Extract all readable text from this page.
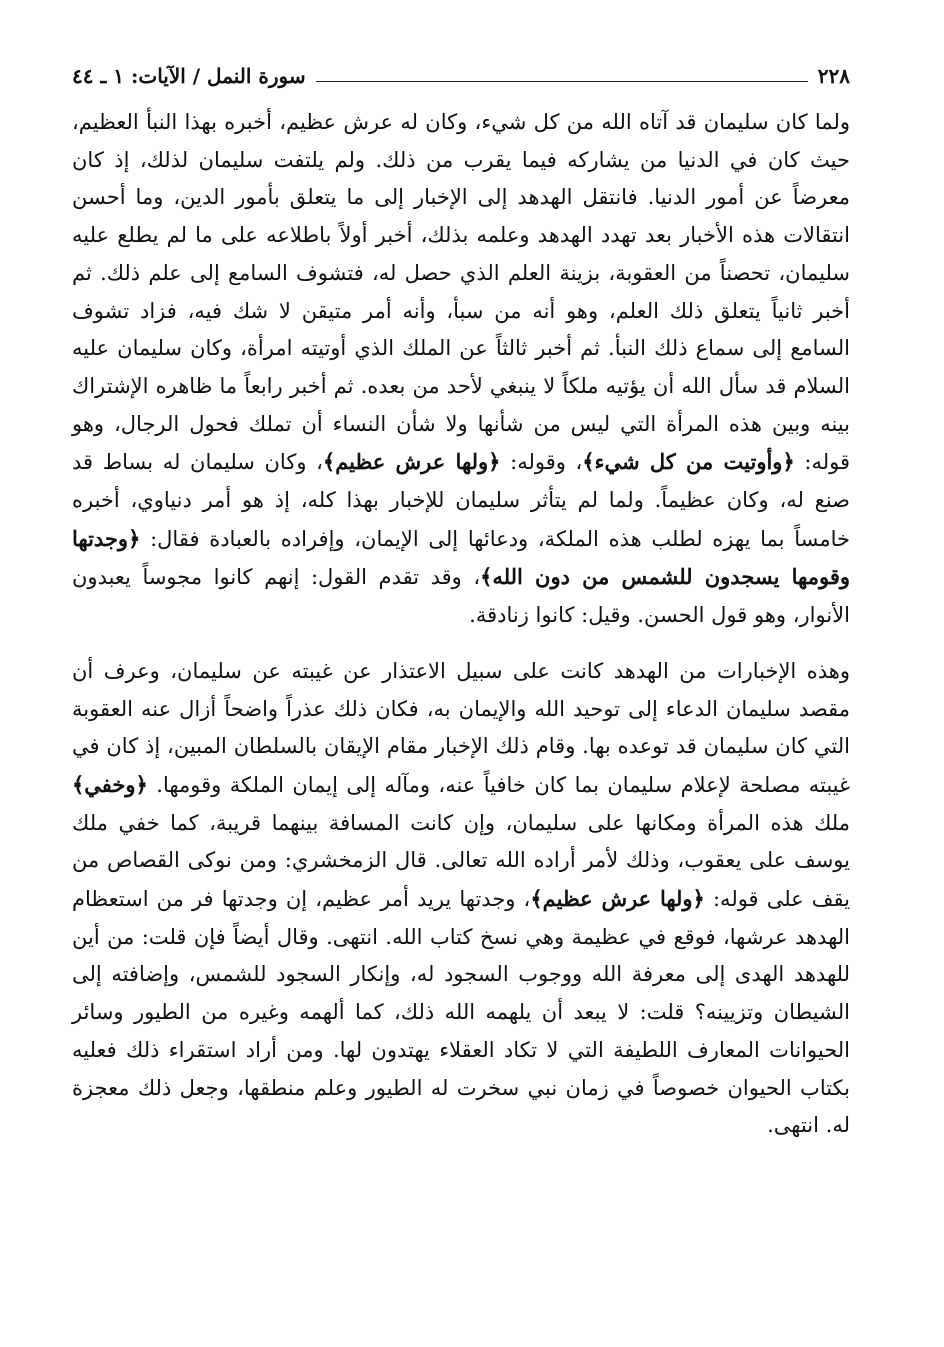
٢٢٨
سورة النمل / الآيات: ١ ـ ٤٤

ولما كان سليمان قد آتاه الله من كل شيء، وكان له عرش عظيم، أخبره بهذا النبأ العظيم، حيث كان في الدنيا من يشاركه فيما يقرب من ذلك. ولم يلتفت سليمان لذلك، إذ كان معرضاً عن أمور الدنيا. فانتقل الهدهد إلى الإخبار إلى ما يتعلق بأمور الدين، وما أحسن انتقالات هذه الأخبار بعد تهدد الهدهد وعلمه بذلك، أخبر أولاً باطلاعه على ما لم يطلع عليه سليمان، تحصناً من العقوبة، بزينة العلم الذي حصل له، فتشوف السامع إلى علم ذلك. ثم أخبر ثانياً يتعلق ذلك العلم، وهو أنه من سبأ، وأنه أمر متيقن لا شك فيه، فزاد تشوف السامع إلى سماع ذلك النبأ. ثم أخبر ثالثاً عن الملك الذي أوتيته امرأة، وكان سليمان عليه السلام قد سأل الله أن يؤتيه ملكاً لا ينبغي لأحد من بعده. ثم أخبر رابعاً ما ظاهره الإشتراك بينه وبين هذه المرأة التي ليس من شأنها ولا شأن النساء أن تملك فحول الرجال، وهو قوله: ﴿وأوتيت من كل شيء﴾، وقوله: ﴿ولها عرش عظيم﴾، وكان سليمان له بساط قد صنع له، وكان عظيماً. ولما لم يتأثر سليمان للإخبار بهذا كله، إذ هو أمر دنياوي، أخبره خامساً بما يهزه لطلب هذه الملكة، ودعائها إلى الإيمان، وإفراده بالعبادة فقال: ﴿وجدتها وقومها يسجدون للشمس من دون الله﴾، وقد تقدم القول: إنهم كانوا مجوساً يعبدون الأنوار، وهو قول الحسن. وقيل: كانوا زنادقة.

وهذه الإخبارات من الهدهد كانت على سبيل الاعتذار عن غيبته عن سليمان، وعرف أن مقصد سليمان الدعاء إلى توحيد الله والإيمان به، فكان ذلك عذراً واضحاً أزال عنه العقوبة التي كان سليمان قد توعده بها. وقام ذلك الإخبار مقام الإيقان بالسلطان المبين، إذ كان في غيبته مصلحة لإعلام سليمان بما كان خافياً عنه، ومآله إلى إيمان الملكة وقومها. ﴿وخفي﴾ ملك هذه المرأة ومكانها على سليمان، وإن كانت المسافة بينهما قريبة، كما خفي ملك يوسف على يعقوب، وذلك لأمر أراده الله تعالى. قال الزمخشري: ومن نوكى القصاص من يقف على قوله: ﴿ولها عرش عظيم﴾، وجدتها يريد أمر عظيم، إن وجدتها فر من استعظام الهدهد عرشها، فوقع في عظيمة وهي نسخ كتاب الله. انتهى. وقال أيضاً فإن قلت: من أين للهدهد الهدى إلى معرفة الله ووجوب السجود له، وإنكار السجود للشمس، وإضافته إلى الشيطان وتزيينه؟ قلت: لا يبعد أن يلهمه الله ذلك، كما ألهمه وغيره من الطيور وسائر الحيوانات المعارف اللطيفة التي لا تكاد العقلاء يهتدون لها. ومن أراد استقراء ذلك فعليه بكتاب الحيوان خصوصاً في زمان نبي سخرت له الطيور وعلم منطقها، وجعل ذلك معجزة له. انتهى.
